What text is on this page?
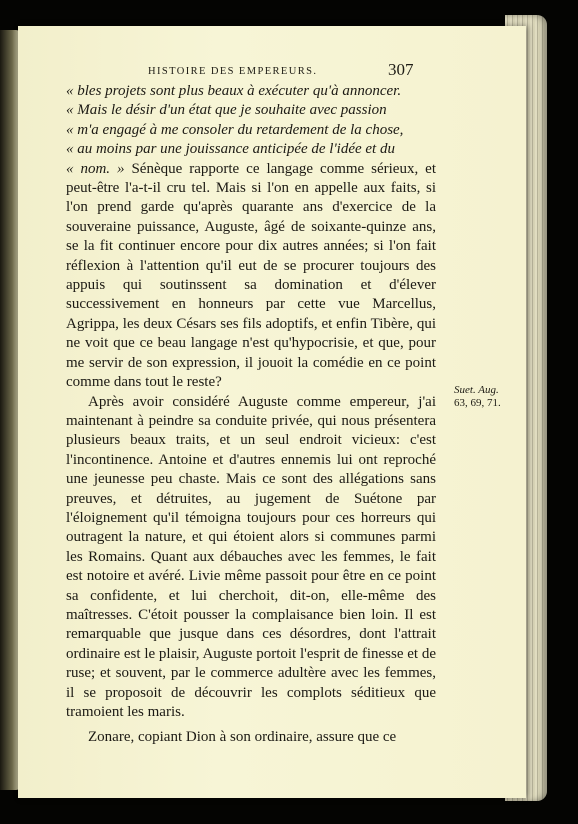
HISTOIRE DES EMPEREURS.	307

« bles projets sont plus beaux à exécuter qu'à annoncer.

« Mais le désir d'un état que je souhaite avec passion

« m'a engagé à me consoler du retardement de la chose,

« au moins par une jouissance anticipée de l'idée et du

« nom. » Sénèque rapporte ce langage comme sérieux, et peut-être l'a-t-il cru tel. Mais si l'on en appelle aux faits, si l'on prend garde qu'après quarante ans d'exercice de la souveraine puissance, Auguste, âgé de soixante-quinze ans, se la fit continuer encore pour dix autres années; si l'on fait réflexion à l'attention qu'il eut de se procurer toujours des appuis qui soutinssent sa domination et d'élever successivement en honneurs par cette vue Marcellus, Agrippa, les deux Césars ses fils adoptifs, et enfin Tibère, qui ne voit que ce beau langage n'est qu'hypocrisie, et que, pour me servir de son expression, il jouoit la comédie en ce point comme dans tout le reste?

Après avoir considéré Auguste comme empereur, j'ai maintenant à peindre sa conduite privée, qui nous présentera plusieurs beaux traits, et un seul endroit vicieux: c'est l'incontinence. Antoine et d'autres ennemis lui ont reproché une jeunesse peu chaste. Mais ce sont des allégations sans preuves, et détruites, au jugement de Suétone par l'éloignement qu'il témoigna toujours pour ces horreurs qui outragent la nature, et qui étoient alors si communes parmi les Romains. Quant aux débauches avec les femmes, le fait est notoire et avéré. Livie même passoit pour être en ce point sa confidente, et lui cherchoit, dit-on, elle-même des maîtresses. C'étoit pousser la complaisance bien loin. Il est remarquable que jusque dans ces désordres, dont l'attrait ordinaire est le plaisir, Auguste portoit l'esprit de finesse et de ruse; et souvent, par le commerce adultère avec les femmes, il se proposoit de découvrir les complots séditieux que tramoient les maris.

Zonare, copiant Dion à son ordinaire, assure que ce

Suet. Aug.
63, 69, 71.
